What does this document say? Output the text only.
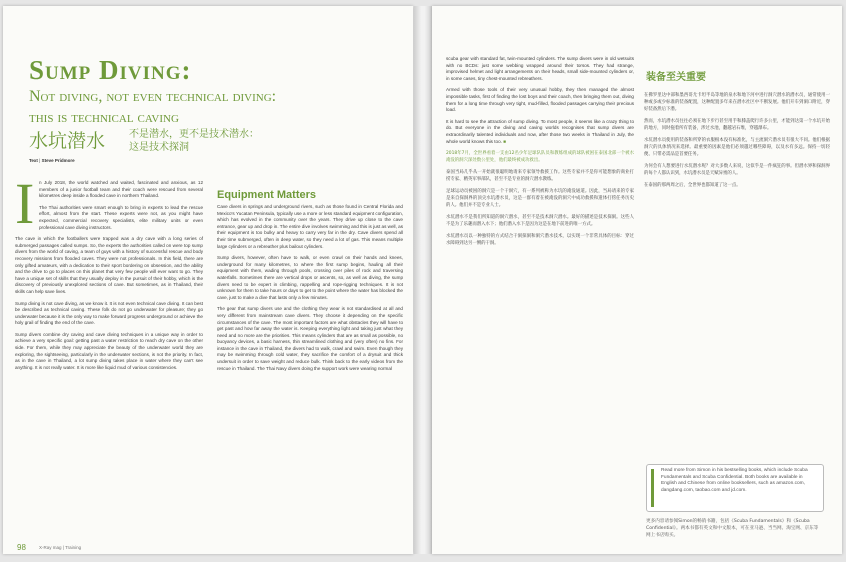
Sump Diving:
Not diving, not even technical diving:
this is technical caving
水坑潜水 不是潜水，更不是技术潜水：
这是技术探洞
Text | Steve Pridmore

I n July 2018, the world watched and waited, fascinated and anxious, as 12 members of a junior football team and their coach were rescued from several kilometres deep inside a flooded cave in northern Thailand.

The Thai authorities were smart enough to bring in experts to lead the rescue effort, almost from the start. These experts were not, as you might have expected, commercial recovery specialists, elite military units or even professional cave diving instructors.

The cave in which the footballers were trapped was a dry cave with a long series of submerged passages called sumps. So, the experts the authorities called on were top sump divers from the world of caving, a team of guys with a history of successful rescue and body recovery missions from flooded caves. They were not professionals. In this field, there are only gifted amateurs, with a dedication to their sport bordering on obsession, and the ability and the drive to go to places on this planet that very few people will ever want to go. They have a unique set of skills that they usually deploy in the pursuit of their hobby, which is the discovery of previously unexplored sections of cave. But sometimes, as in Thailand, their skills can help save lives.

Sump diving is not cave diving, as we know it. It is not even technical cave diving. It can best be described as technical caving. These folk do not go underwater for pleasure; they go underwater because it is the only way to make forward progress underground or achieve the holy grail of finding the end of the cave.

Sump divers combine dry caving and cave diving techniques in a unique way in order to achieve a very specific goal: getting past a water restriction to reach dry cave on the other side. For them, while they may appreciate the beauty of the underwater world they are exploring, the sightseeing, particularly in the underwater sections, is not the priority. In fact, as in the cave in Thailand, a lot sump diving takes place in water where they can't see anything. It is not really water. It is more like liquid mud of various consistencies.

Equipment Matters

Cave divers in springs and underground rivers, such as those found in Central Florida and Mexico's Yucatan Peninsula, typically use a more or less standard equipment configuration, which has evolved in the community over the years. They drive up close to the cave entrance, gear up and drop in. The entire dive involves swimming and this is just as well, as their equipment is too bulky and heavy to carry very far in the dry. Cave divers spend all their time submerged, often in deep water, so they need a lot of gas. This means multiple large cylinders or a rebreather plus bailout cylinders.

Sump divers, however, often have to walk, or even crawl on their hands and knees, underground for many kilometres, to where the first sump begins, hauling all their equipment with them, wading through pools, crossing over piles of rock and traversing waterfalls. Sometimes there are vertical drops or ascents, so, as well as diving, the sump divers need to be expert in climbing, rappelling and rope-rigging techniques. It is not unknown for them to take hours or days to get to the point where the water has blocked the cave, just to make a dive that lasts only a few minutes.

The gear that sump divers use and the clothing they wear is not standardised at all and very different from mainstream cave divers. They choose it depending on the specific circumstances of the cave. The most important factors are what obstacles they will have to get past and how far away the water is. Keeping everything light and taking just what they need and no more are the priorities. This means cylinders that are as small as possible, no buoyancy devices, a basic harness, thin streamlined clothing and (very often) no fins. For instance in the cave in Thailand, the divers had to walk, crawl and swim. Even though they may be swimming through cold water, they sacrifice the comfort of a drysuit and thick undersuit in order to save weight and reduce bulk. Think back to the early videos from the rescue in Thailand. The Thai Navy divers doing the support work were wearing normal

98	X-Ray mag | Training

scuba gear with standard fat, twin-mounted cylinders. The sump divers were in old wetsuits with no BCDs: just some webbing wrapped around their torsos. They had strange, improvised helmet and light arrangements on their heads, small side-mounted cylinders or, in some cases, tiny chest-mounted rebreathers.

Armed with those tools of their very unusual hobby, they then managed the almost impossible tasks, first of finding the lost boys and their coach, then bringing them out, diving them for a long time through very tight, mud-filled, flooded passages carrying their precious load.

It is hard to see the attraction of sump diving. To most people, it seems like a crazy thing to do. But everyone in the diving and caving worlds recognises that sump divers are extraordinarily talented individuals and now, after those two weeks in Thailand in July, the whole world knows this too. ■

2018年7月，全世界看着一支由12名少年足球队队员和教练组成的球队被困在泰国北部一个被水淹没的洞穴深处数公里处，他们最终被成功救出。

泰国当局几乎从一开始就很聪明地请来专家领导救援工作。这些专家并不是你可能想象的商业打捞专家、精英军事部队，甚至不是专业的洞穴潜水教练。

足球运动员被困的洞穴是一个干洞穴，有一系列被称为水坑的淹没通道。因此，当局请来的专家是来自探洞界的顶尖水坑潜水员，这是一群有着在被淹没的洞穴中成功救援和遗体打捞任务历史的人。他们并不是专业人士。

水坑潜水不是我们所知道的洞穴潜水，甚至不是技术洞穴潜水。最好的描述是技术探洞。这些人不是为了乐趣而潜入水下；他们潜入水下是因为这是在地下前进的唯一方式。

水坑潜水员以一种独特的方式结合干洞探洞和洞穴潜水技术，以实现一个非常具体的目标：穿过水障碍到达另一侧的干洞。

装备至关重要

在佛罗里达中部和墨西哥尤卡坦半岛等地的泉水和地下河中进行洞穴潜水的潜水员，通常使用一种或多或少标准的装备配置，这种配置多年来在潜水社区中不断发展。他们开车到洞口附近，穿好装备然后下潜。

然而，水坑潜水员往往必须在地下步行甚至用手和膝盖爬行许多公里，才能到达第一个水坑开始的地方，同时拖着所有装备，涉过水池，翻越岩石堆，穿越瀑布。

水坑潜水员使用的装备和所穿的衣服根本没有标准化，与主流洞穴潜水员有很大不同。他们根据洞穴的具体情况来选择。最重要的因素是他们必须越过哪些障碍，以及水有多远。保持一切轻便、只带必需品是首要任务。

为何会有人想要进行水坑潜水呢？对大多数人来说，这似乎是一件疯狂的事。但潜水界和探洞界的每个人都认识到，水坑潜水员是天赋异禀的人。

在泰国的那两周之后，全世界也都知道了这一点。

Read more from Simon in his bestselling books, which include Scuba Fundamentals and Scuba Confidential. Both books are available in English and Chinese from online booksellers, such as amazon.com, dangdang.com, taobao.com and jd.com.
更多内容请参阅Simon的畅销书籍，包括《Scuba Fundamentals》和《Scuba Confidential》。两本书都有英文和中文版本，可在亚马逊、当当网、淘宝网、京东等网上书店购买。
